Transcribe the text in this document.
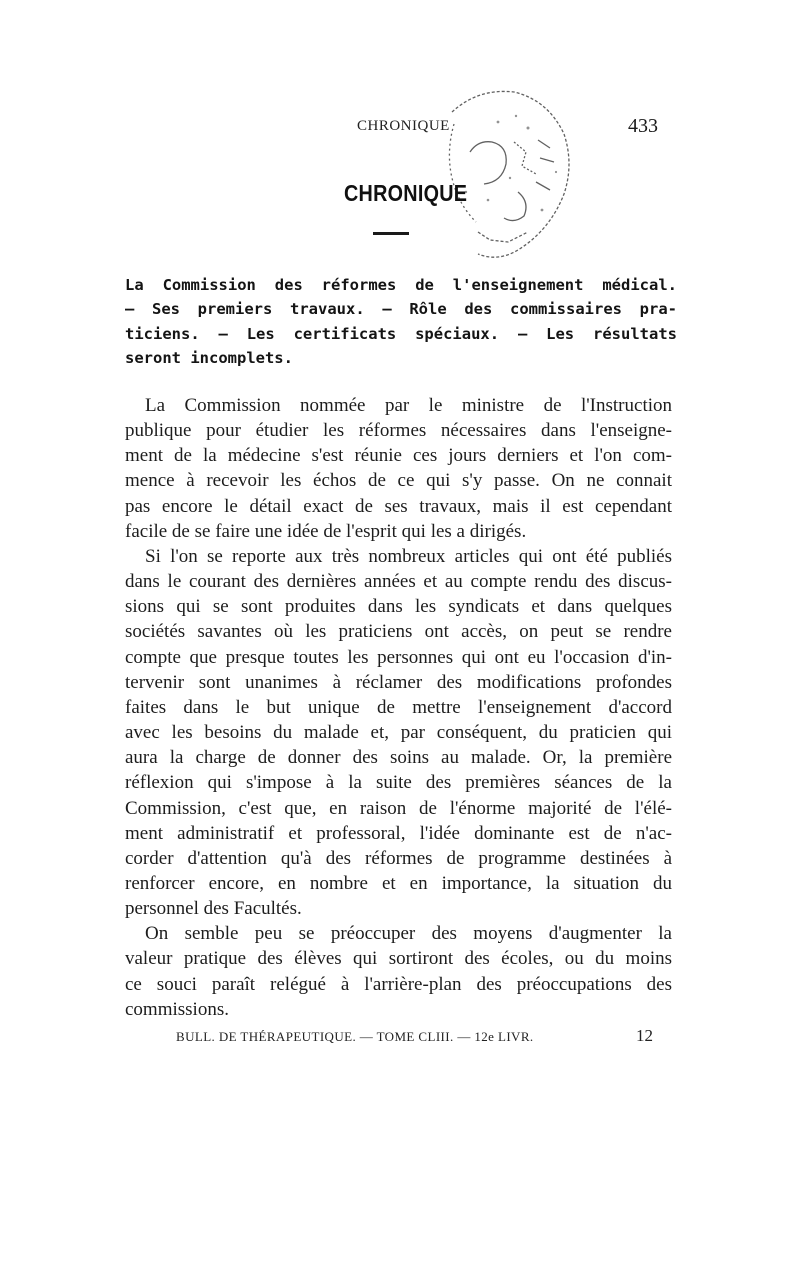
CHRONIQUE	433
CHRONIQUE
La Commission des réformes de l'enseignement médical.
— Ses premiers travaux. — Rôle des commissaires pra-
ticiens. — Les certificats spéciaux. — Les résultats
seront incomplets.
La Commission nommée par le ministre de l'Instruction
publique pour étudier les réformes nécessaires dans l'enseigne-
ment de la médecine s'est réunie ces jours derniers et l'on com-
mence à recevoir les échos de ce qui s'y passe. On ne connait
pas encore le détail exact de ses travaux, mais il est cependant
facile de se faire une idée de l'esprit qui les a dirigés.
Si l'on se reporte aux très nombreux articles qui ont été publiés
dans le courant des dernières années et au compte rendu des discus-
sions qui se sont produites dans les syndicats et dans quelques
sociétés savantes où les praticiens ont accès, on peut se rendre
compte que presque toutes les personnes qui ont eu l'occasion d'in-
tervenir sont unanimes à réclamer des modifications profondes
faites dans le but unique de mettre l'enseignement d'accord
avec les besoins du malade et, par conséquent, du praticien qui
aura la charge de donner des soins au malade. Or, la première
réflexion qui s'impose à la suite des premières séances de la
Commission, c'est que, en raison de l'énorme majorité de l'élé-
ment administratif et professoral, l'idée dominante est de n'ac-
corder d'attention qu'à des réformes de programme destinées à
renforcer encore, en nombre et en importance, la situation du
personnel des Facultés.
On semble peu se préoccuper des moyens d'augmenter la
valeur pratique des élèves qui sortiront des écoles, ou du moins
ce souci paraît relégué à l'arrière-plan des préoccupations des
commissions.
BULL. DE THÉRAPEUTIQUE. — TOME CLIII. — 12e LIVR.	12
